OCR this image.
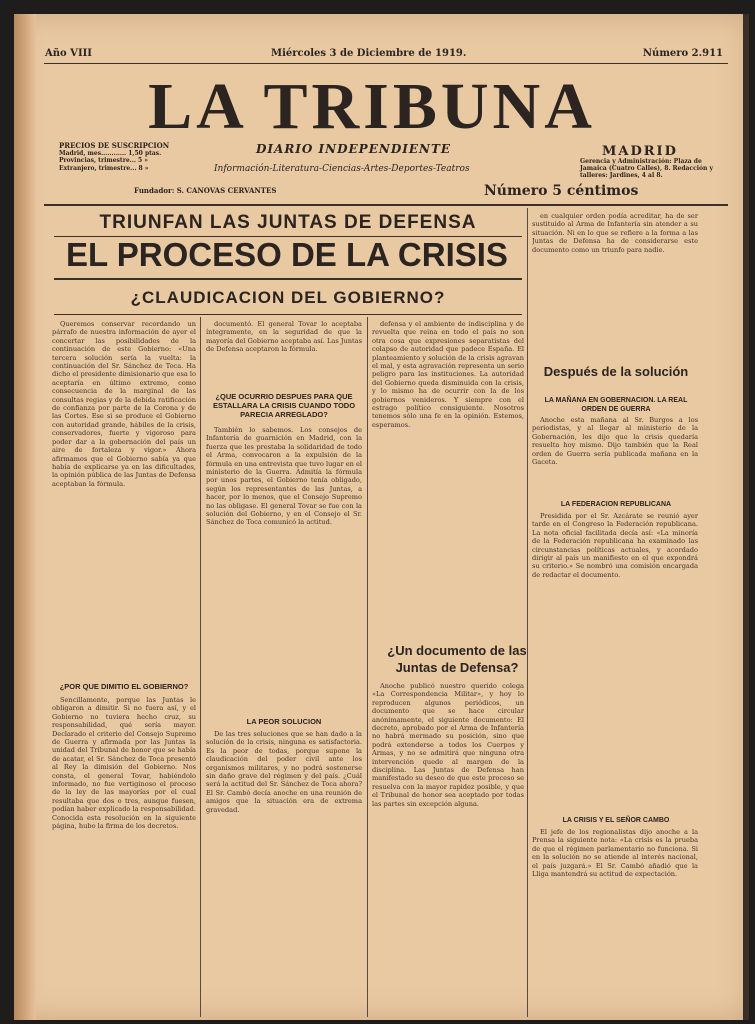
Año VIII	Miércoles 3 de Diciembre de 1919.	Número 2.911
LA TRIBUNA
DIARIO INDEPENDIENTE
Información-Literatura-Ciencias-Artes-Deportes-Teatros
MADRID
Gerencia y Administración: Plaza de Jamaica (Cuatro Calles), 8. Redacción y talleres: Jardines, 4 al 8.
PRECIOS DE SUSCRIPCION
Madrid, mes............ 1,50 ptas.
Provincias, trimestre... 5 »
Extranjero, trimestre... 8 »
Fundador: S. CANOVAS CERVANTES	Número 5 céntimos
TRIUNFAN LAS JUNTAS DE DEFENSA
EL PROCESO DE LA CRISIS
¿CLAUDICACION DEL GOBIERNO?

Queremos conservar recordando un párrafo de nuestra información de ayer el concertar las posibilidades de la continuación de este Gobierno: «Una tercera solución sería la vuelta: la continuación del Sr. Sánchez de Toca. Ha dicho el presidente dimisionario que esa lo aceptaría en último extremo, como consecuencia de la marginal de las consultas regias y de la debida ratificación de confianza por parte de la Corona y de las Cortes. Ese si se produce el Gobierno con autoridad grande, hábiles de la crisis, conservadores, fuerte y vigoroso para poder dar a la gobernación del país un aire de fortaleza y vigor.» Ahora afirmamos que el Gobierno sabía ya que había de explicarse ya en las dificultades, la opinión pública de las Juntas de Defensa aceptaban la fórmula.

¿POR QUE DIMITIO EL GOBIERNO?

Sencillamente, porque las Juntas le obligaron a dimitir. Si no fuera así, y el Gobierno no tuviera hecho cruz, su responsabilidad, qué sería mayor. Declarado el criterio del Consejo Supremo de Guerra y afirmada por las Juntas la unidad del Tribunal de honor que se había de acatar, el Sr. Sánchez de Toca presentó al Rey la dimisión del Gobierno. Nos consta, el general Tovar, habiéndolo informado, no fue vertiginoso el proceso de la ley de las mayorías por el cual resultaba que dos o tres, aunque fuesen, podían haber explicado la responsabilidad. Conocida esta resolución en la siguiente página, hubo la firma de los decretos.

documentó. El general Tovar lo aceptaba íntegramente, en la seguridad de que la mayoría del Gobierno aceptaba así. Las Juntas de Defensa aceptaron la fórmula.

¿QUE OCURRIO DESPUES PARA QUE ESTALLARA LA CRISIS CUANDO TODO PARECIA ARREGLADO?

También lo sabemos. Los consejos de Infantería de guarnición en Madrid, con la fuerza que les prestaba la solidaridad de todo el Arma, convocaron a la expulsión de la fórmula en una entrevista que tuvo lugar en el ministerio de la Guerra. Admitía la fórmula por unos partes, el Gobierno tenía obligado, según los representantes de las Juntas, a hacer, por lo menos, que el Consejo Supremo no las obligase. El general Tovar se fue con la solución del Gobierno, y en el Consejo el Sr. Sánchez de Toca comunicó la actitud.

LA PEOR SOLUCION

De las tres soluciones que se han dado a la solución de la crisis, ninguna es satisfactoria. Es la peor de todas, porque supone la claudicación del poder civil ante los organismos militares, y no podrá sostenerse sin daño grave del régimen y del país. ¿Cuál será la actitud del Sr. Sánchez de Toca ahora? El Sr. Cambó decía anoche en una reunión de amigos que la situación era de extrema gravedad.

defensa y el ambiente de indisciplina y de revuelta que reina en todo el país no son otra cosa que expresiones separatistas del colapso de autoridad que padece España. El planteamiento y solución de la crisis agravan el mal, y esta agravación representa un serio peligro para las instituciones. La autoridad del Gobierno queda disminuida con la crisis, y lo mismo ha de ocurrir con la de los gobiernos venideros. Y siempre con el estrago político consiguiente. Nosotros tenemos sólo una fe en la opinión. Estemos, esperamos.

¿Un documento de las Juntas de Defensa?

Anoche publicó nuestro querido colega «La Correspondencia Militar», y hoy lo reproducen algunos periódicos, un documento que se hace circular anónimamente, el siguiente documento: El decreto, aprobado por el Arma de Infantería no habrá mermado su posición, sino que podrá extenderse a todos los Cuerpos y Armas, y no se admitirá que ninguna otra intervención quede al margen de la disciplina. Las Juntas de Defensa han manifestado su deseo de que este proceso se resuelva con la mayor rapidez posible, y que el Tribunal de honor sea aceptado por todas las partes sin excepción alguna.

en cualquier orden podía acreditar, ha de ser sustituido al Arma de Infantería sin atender a su situación. Ni en lo que se refiere a la forma a las Juntas de Defensa ha de considerarse este documento como un triunfo para nadie.

Después de la solución
LA MAÑANA EN GOBERNACION. LA REAL ORDEN DE GUERRA

Anoche esta mañana al Sr. Burgos a los periodistas, y al llegar al ministerio de la Gobernación, les dijo que la crisis quedaría resuelta hoy mismo. Dijo también que la Real orden de Guerra sería publicada mañana en la Gaceta.

LA FEDERACION REPUBLICANA

Presidida por el Sr. Azcárate se reunió ayer tarde en el Congreso la Federación republicana. La nota oficial facilitada decía así: «La minoría de la Federación republicana ha examinado las circunstancias políticas actuales, y acordado dirigir al país un manifiesto en el que expondrá su criterio.» Se nombró una comisión encargada de redactar el documento.

LA CRISIS Y EL SEÑOR CAMBO

El jefe de los regionalistas dijo anoche a la Prensa la siguiente nota: «La crisis es la prueba de que el régimen parlamentario no funciona. Si en la solución no se atiende al interés nacional, el país juzgará.» El Sr. Cambó añadió que la Lliga mantendrá su actitud de expectación.
